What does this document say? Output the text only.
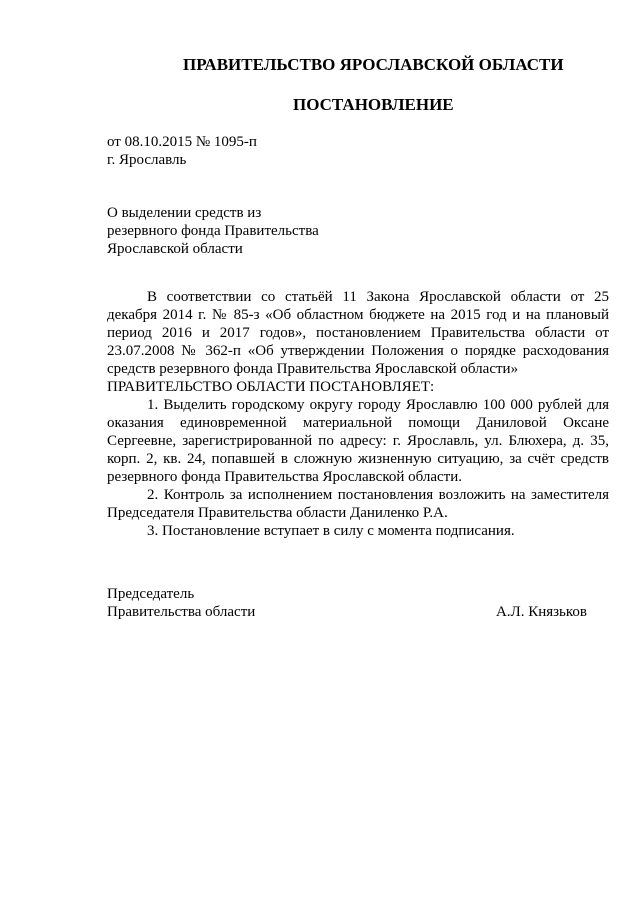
ПРАВИТЕЛЬСТВО ЯРОСЛАВСКОЙ ОБЛАСТИ
ПОСТАНОВЛЕНИЕ
от 08.10.2015 № 1095-п
г. Ярославль
О выделении средств из
резервного фонда Правительства
Ярославской области

В соответствии со статьёй 11 Закона Ярославской области от 25 декабря 2014 г. № 85-з «Об областном бюджете на 2015 год и на плановый период 2016 и 2017 годов», постановлением Правительства области от 23.07.2008 № 362-п «Об утверждении Положения о порядке расходования средств резервного фонда Правительства Ярославской области»

ПРАВИТЕЛЬСТВО ОБЛАСТИ ПОСТАНОВЛЯЕТ:

1. Выделить городскому округу городу Ярославлю 100 000 рублей для оказания единовременной материальной помощи Даниловой Оксане Сергеевне, зарегистрированной по адресу: г. Ярославль, ул. Блюхера, д. 35, корп. 2, кв. 24, попавшей в сложную жизненную ситуацию, за счёт средств резервного фонда Правительства Ярославской области.

2. Контроль за исполнением постановления возложить на заместителя Председателя Правительства области Даниленко Р.А.

3. Постановление вступает в силу с момента подписания.

Председатель
Правительства области	А.Л. Князьков
